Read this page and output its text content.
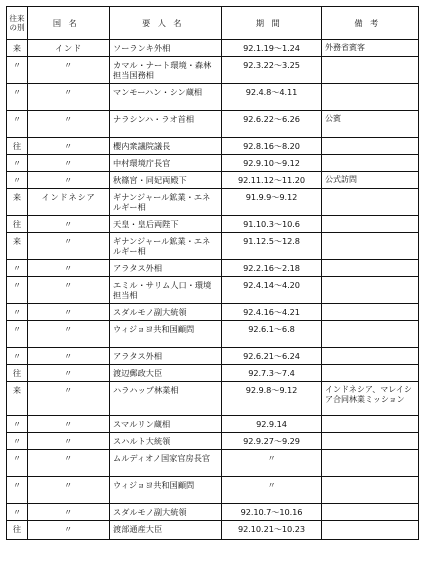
往来
の別	国名	要人名	期間	備考

来	インド	ソーランキ外相	92.1.19～1.24	外務省賓客

〃	〃	カマル・ナート環境・森林担当国務相	92.3.22～3.25	

〃	〃	マンモーハン・シン蔵相	92.4.8～4.11	

〃	〃	ナラシンハ・ラオ首相	92.6.22～6.26	公賓

往	〃	櫻内衆議院議長	92.8.16～8.20	

〃	〃	中村環境庁長官	92.9.10～9.12	

〃	〃	秋篠宮・同妃両殿下	92.11.12～11.20	公式訪問

来	インドネシア	ギナンジャール鉱業・エネルギー相	91.9.9～9.12	

往	〃	天皇・皇后両陛下	91.10.3～10.6	

来	〃	ギナンジャール鉱業・エネルギー相	91.12.5～12.8	

〃	〃	アラタス外相	92.2.16～2.18	

〃	〃	エミル・サリム人口・環境担当相	92.4.14～4.20	

〃	〃	スダルモノ副大統領	92.4.16～4.21	

〃	〃	ウィジョヨ共和国顧問	92.6.1～6.8	

〃	〃	アラタス外相	92.6.21～6.24	

往	〃	渡辺郵政大臣	92.7.3～7.4	

来	〃	ハラハップ林業相	92.9.8～9.12	インドネシア、マレイシア合同林業ミッション

〃	〃	スマルリン蔵相	92.9.14	

〃	〃	スハルト大統領	92.9.27～9.29	

〃	〃	ムルディオノ国家官房長官	〃	

〃	〃	ウィジョヨ共和国顧問	〃	

〃	〃	スダルモノ副大統領	92.10.7～10.16	

往	〃	渡部通産大臣	92.10.21～10.23	
